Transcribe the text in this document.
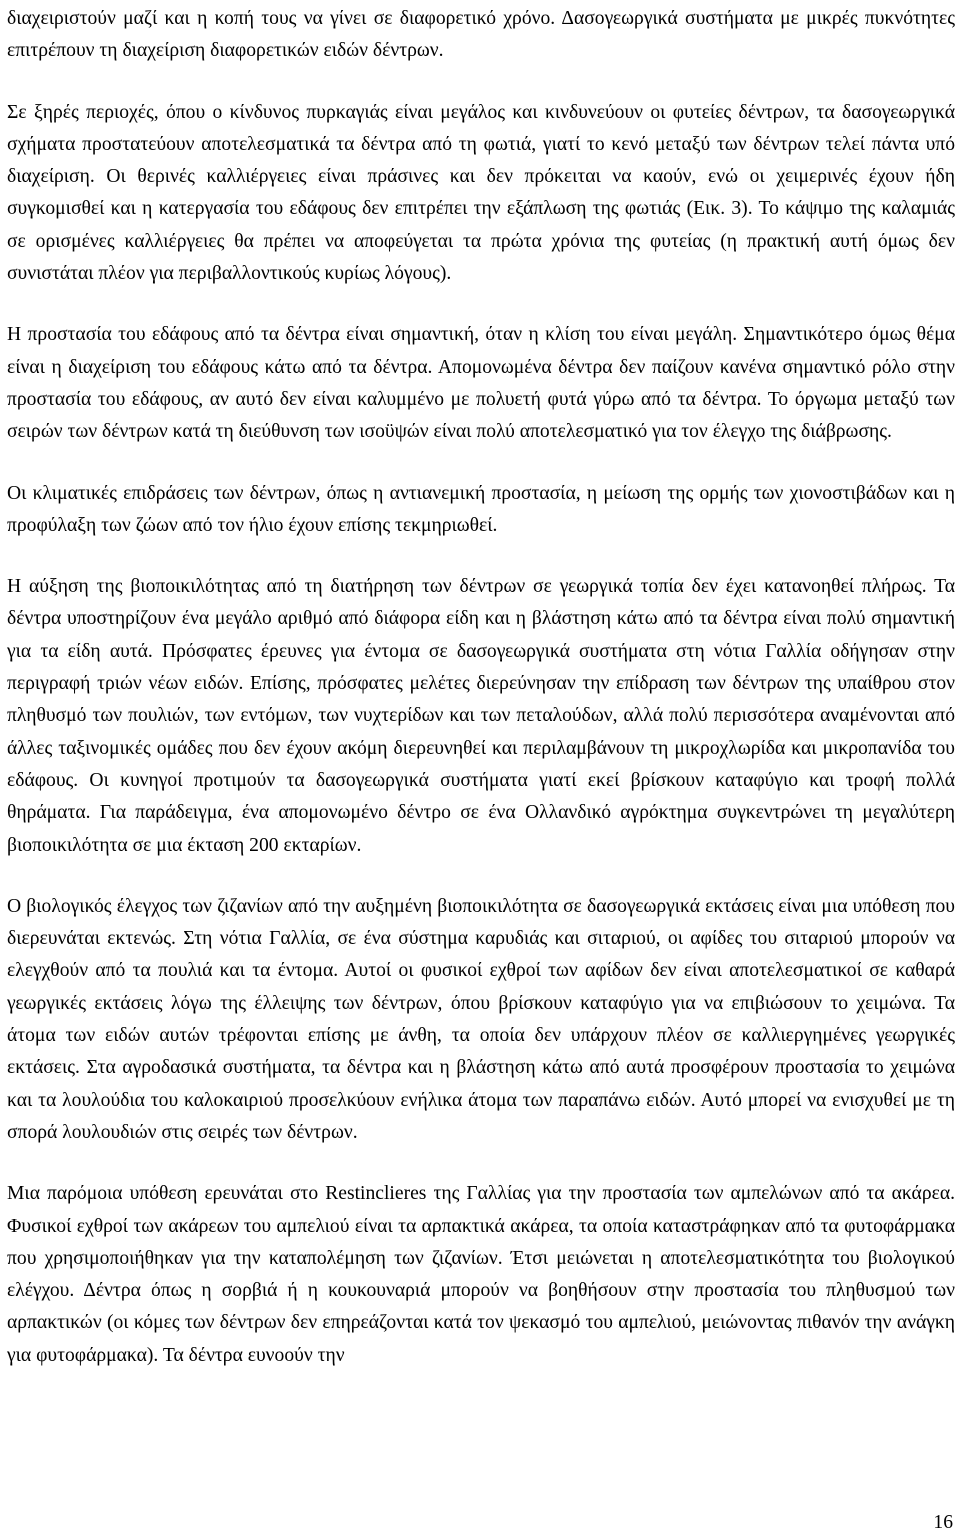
διαχειριστούν μαζί και η κοπή τους να γίνει σε διαφορετικό χρόνο. Δασογεωργικά συστήματα με μικρές πυκνότητες επιτρέπουν τη διαχείριση διαφορετικών ειδών δέντρων.

Σε ξηρές περιοχές, όπου ο κίνδυνος πυρκαγιάς είναι μεγάλος και κινδυνεύουν οι φυτείες δέντρων, τα δασογεωργικά σχήματα προστατεύουν αποτελεσματικά τα δέντρα από τη φωτιά, γιατί το κενό μεταξύ των δέντρων τελεί πάντα υπό διαχείριση. Οι θερινές καλλιέργειες είναι πράσινες και δεν πρόκειται να καούν, ενώ οι χειμερινές έχουν ήδη συγκομισθεί και η κατεργασία του εδάφους δεν επιτρέπει την εξάπλωση της φωτιάς (Εικ. 3). Το κάψιμο της καλαμιάς σε ορισμένες καλλιέργειες θα πρέπει να αποφεύγεται τα πρώτα χρόνια της φυτείας (η πρακτική αυτή όμως δεν συνιστάται πλέον για περιβαλλοντικούς κυρίως λόγους).

Η προστασία του εδάφους από τα δέντρα είναι σημαντική, όταν η κλίση του είναι μεγάλη. Σημαντικότερο όμως θέμα είναι η διαχείριση του εδάφους κάτω από τα δέντρα. Απομονωμένα δέντρα δεν παίζουν κανένα σημαντικό ρόλο στην προστασία του εδάφους, αν αυτό δεν είναι καλυμμένο με πολυετή φυτά γύρω από τα δέντρα. Το όργωμα μεταξύ των σειρών των δέντρων κατά τη διεύθυνση των ισοϋψών είναι πολύ αποτελεσματικό για τον έλεγχο της διάβρωσης.

Οι κλιματικές επιδράσεις των δέντρων, όπως η αντιανεμική προστασία, η μείωση της ορμής των χιονοστιβάδων και η προφύλαξη των ζώων από τον ήλιο έχουν επίσης τεκμηριωθεί.

Η αύξηση της βιοποικιλότητας από τη διατήρηση των δέντρων σε γεωργικά τοπία δεν έχει κατανοηθεί πλήρως. Τα δέντρα υποστηρίζουν ένα μεγάλο αριθμό από διάφορα είδη και η βλάστηση κάτω από τα δέντρα είναι πολύ σημαντική για τα είδη αυτά. Πρόσφατες έρευνες για έντομα σε δασογεωργικά συστήματα στη νότια Γαλλία οδήγησαν στην περιγραφή τριών νέων ειδών. Επίσης, πρόσφατες μελέτες διερεύνησαν την επίδραση των δέντρων της υπαίθρου στον πληθυσμό των πουλιών, των εντόμων, των νυχτερίδων και των πεταλούδων, αλλά πολύ περισσότερα αναμένονται από άλλες ταξινομικές ομάδες που δεν έχουν ακόμη διερευνηθεί και περιλαμβάνουν τη μικροχλωρίδα και μικροπανίδα του εδάφους. Οι κυνηγοί προτιμούν τα δασογεωργικά συστήματα γιατί εκεί βρίσκουν καταφύγιο και τροφή πολλά θηράματα. Για παράδειγμα, ένα απομονωμένο δέντρο σε ένα Ολλανδικό αγρόκτημα συγκεντρώνει τη μεγαλύτερη βιοποικιλότητα σε μια έκταση 200 εκταρίων.

Ο βιολογικός έλεγχος των ζιζανίων από την αυξημένη βιοποικιλότητα σε δασογεωργικά εκτάσεις είναι μια υπόθεση που διερευνάται εκτενώς. Στη νότια Γαλλία, σε ένα σύστημα καρυδιάς και σιταριού, οι αφίδες του σιταριού μπορούν να ελεγχθούν από τα πουλιά και τα έντομα. Αυτοί οι φυσικοί εχθροί των αφίδων δεν είναι αποτελεσματικοί σε καθαρά γεωργικές εκτάσεις λόγω της έλλειψης των δέντρων, όπου βρίσκουν καταφύγιο για να επιβιώσουν το χειμώνα. Τα άτομα των ειδών αυτών τρέφονται επίσης με άνθη, τα οποία δεν υπάρχουν πλέον σε καλλιεργημένες γεωργικές εκτάσεις. Στα αγροδασικά συστήματα, τα δέντρα και η βλάστηση κάτω από αυτά προσφέρουν προστασία το χειμώνα και τα λουλούδια του καλοκαιριού προσελκύουν ενήλικα άτομα των παραπάνω ειδών. Αυτό μπορεί να ενισχυθεί με τη σπορά λουλουδιών στις σειρές των δέντρων.

Μια παρόμοια υπόθεση ερευνάται στο Restinclieres της Γαλλίας για την προστασία των αμπελώνων από τα ακάρεα. Φυσικοί εχθροί των ακάρεων του αμπελιού είναι τα αρπακτικά ακάρεα, τα οποία καταστράφηκαν από τα φυτοφάρμακα που χρησιμοποιήθηκαν για την καταπολέμηση των ζιζανίων. Έτσι μειώνεται η αποτελεσματικότητα του βιολογικού ελέγχου. Δέντρα όπως η σορβιά ή η κουκουναριά μπορούν να βοηθήσουν στην προστασία του πληθυσμού των αρπακτικών (οι κόμες των δέντρων δεν επηρεάζονται κατά τον ψεκασμό του αμπελιού, μειώνοντας πιθανόν την ανάγκη για φυτοφάρμακα). Τα δέντρα ευνοούν την

16
